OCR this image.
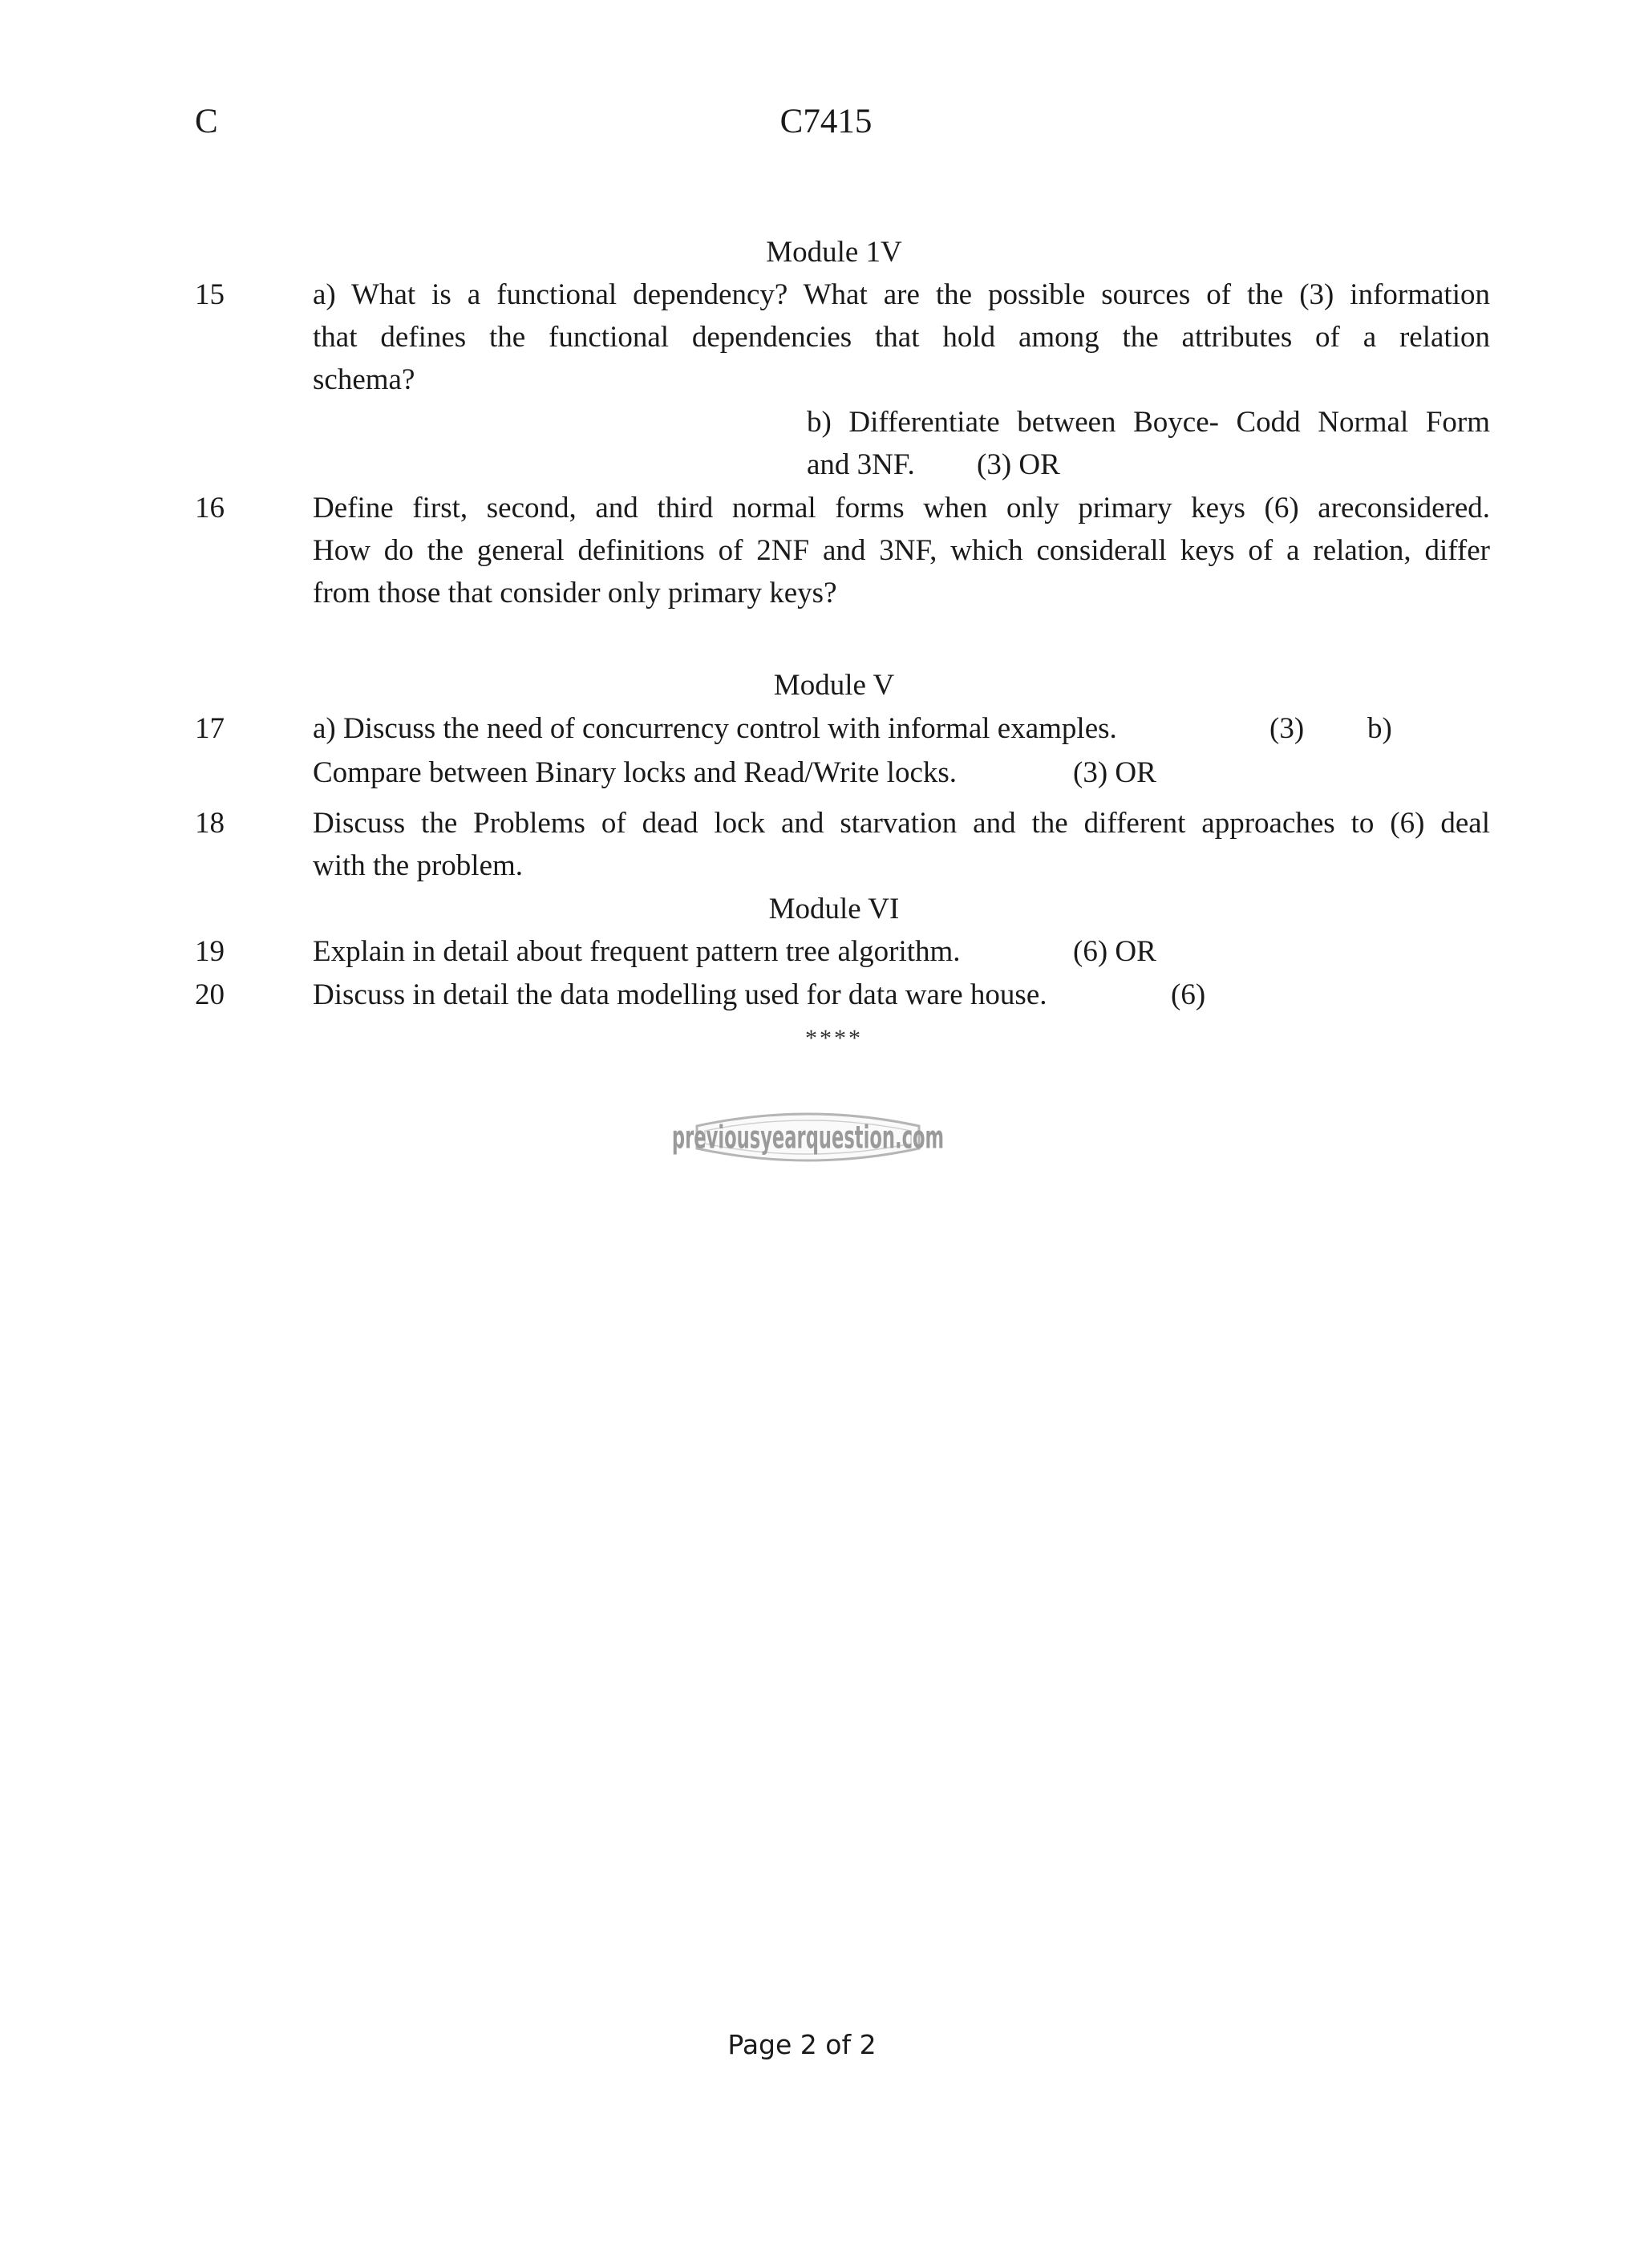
C	C7415
Module 1V
15	a) What is a functional dependency? What are the possible sources of the (3) information
that defines the functional dependencies that hold among the attributes of a relation
schema?
b) Differentiate between Boyce- Codd Normal Form
and 3NF. (3) OR
16	Define first, second, and third normal forms when only primary keys (6) areconsidered.
How do the general definitions of 2NF and 3NF, which considerall keys of a relation, differ
from those that consider only primary keys?
Module V
17	a) Discuss the need of concurrency control with informal examples.	(3) b)
Compare between Binary locks and Read/Write locks.	(3) OR
18	Discuss the Problems of dead lock and starvation and the different approaches to (6) deal
with the problem.
Module VI
19	Explain in detail about frequent pattern tree algorithm.	(6) OR
20	Discuss in detail the data modelling used for data ware house.	(6)
****
previousyearquestion.com
Page 2 of 2
